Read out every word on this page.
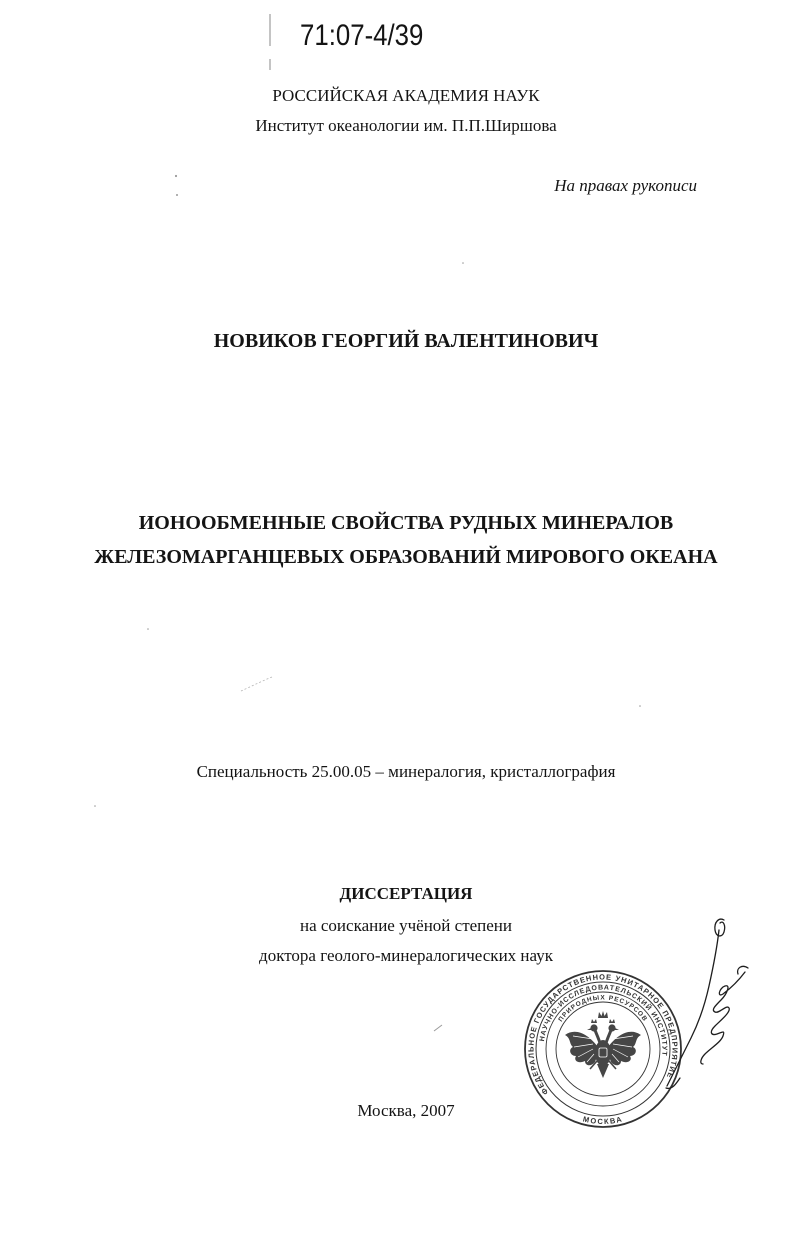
71:07-4/39
РОССИЙСКАЯ АКАДЕМИЯ НАУК
Институт океанологии им. П.П.Ширшова
На правах рукописи
НОВИКОВ ГЕОРГИЙ ВАЛЕНТИНОВИЧ
ИОНООБМЕННЫЕ СВОЙСТВА РУДНЫХ МИНЕРАЛОВ
ЖЕЛЕЗОМАРГАНЦЕВЫХ ОБРАЗОВАНИЙ МИРОВОГО ОКЕАНА
Специальность 25.00.05 – минералогия, кристаллография
ДИССЕРТАЦИЯ
на соискание учёной степени
доктора геолого-минералогических наук
Москва, 2007
ФЕДЕРАЛЬНОЕ ГОСУДАРСТВЕННОЕ УНИТАРНОЕ ПРЕДПРИЯТИЕ
НАУЧНО-ИССЛЕДОВАТЕЛЬСКИЙ ИНСТИТУТ
ПРИРОДНЫХ РЕСУРСОВ
МОСКВА
